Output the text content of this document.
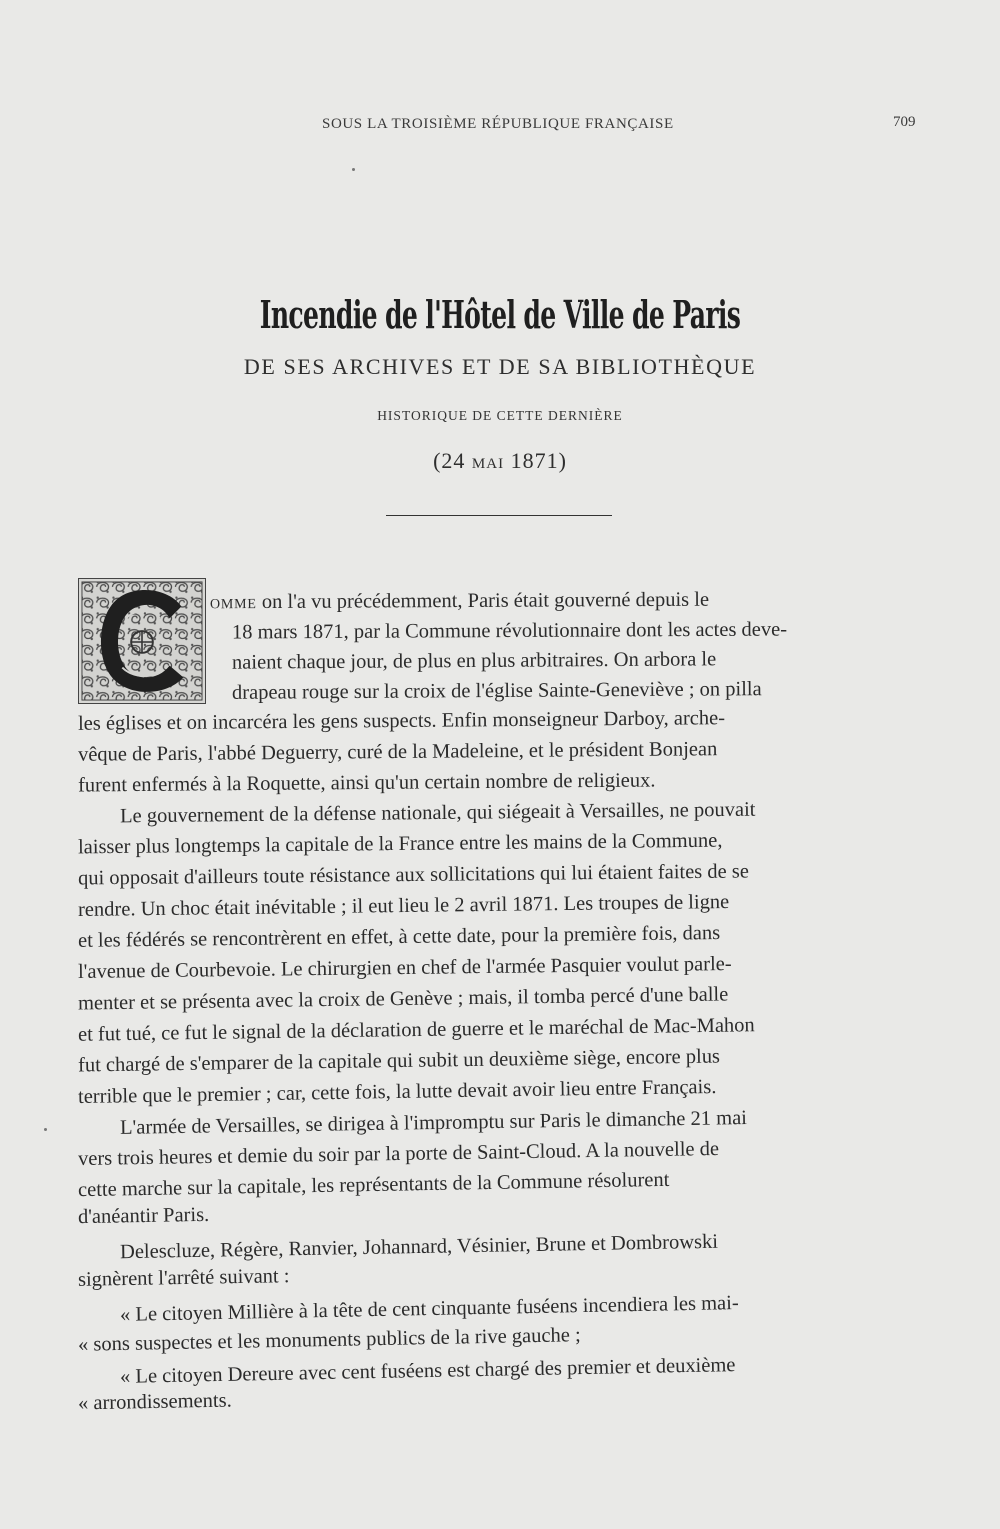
SOUS LA TROISIÈME RÉPUBLIQUE FRANÇAISE	709
Incendie de l'Hôtel de Ville de Paris
DE SES ARCHIVES ET DE SA BIBLIOTHÈQUE
HISTORIQUE DE CETTE DERNIÈRE
(24 MAI 1871)
OMME on l'a vu précédemment, Paris était gouverné depuis le
18 mars 1871, par la Commune révolutionnaire dont les actes deve-
naient chaque jour, de plus en plus arbitraires. On arbora le
drapeau rouge sur la croix de l'église Sainte-Geneviève ; on pilla
les églises et on incarcéra les gens suspects. Enfin monseigneur Darboy, arche-
vêque de Paris, l'abbé Deguerry, curé de la Madeleine, et le président Bonjean
furent enfermés à la Roquette, ainsi qu'un certain nombre de religieux.
Le gouvernement de la défense nationale, qui siégeait à Versailles, ne pouvait
laisser plus longtemps la capitale de la France entre les mains de la Commune,
qui opposait d'ailleurs toute résistance aux sollicitations qui lui étaient faites de se
rendre. Un choc était inévitable ; il eut lieu le 2 avril 1871. Les troupes de ligne
et les fédérés se rencontrèrent en effet, à cette date, pour la première fois, dans
l'avenue de Courbevoie. Le chirurgien en chef de l'armée Pasquier voulut parle-
menter et se présenta avec la croix de Genève ; mais, il tomba percé d'une balle
et fut tué, ce fut le signal de la déclaration de guerre et le maréchal de Mac-Mahon
fut chargé de s'emparer de la capitale qui subit un deuxième siège, encore plus
terrible que le premier ; car, cette fois, la lutte devait avoir lieu entre Français.
L'armée de Versailles, se dirigea à l'impromptu sur Paris le dimanche 21 mai
vers trois heures et demie du soir par la porte de Saint-Cloud. A la nouvelle de
cette marche sur la capitale, les représentants de la Commune résolurent
d'anéantir Paris.
Delescluze, Régère, Ranvier, Johannard, Vésinier, Brune et Dombrowski
signèrent l'arrêté suivant :
« Le citoyen Millière à la tête de cent cinquante fuséens incendiera les mai-
« sons suspectes et les monuments publics de la rive gauche ;
« Le citoyen Dereure avec cent fuséens est chargé des premier et deuxième
« arrondissements.
